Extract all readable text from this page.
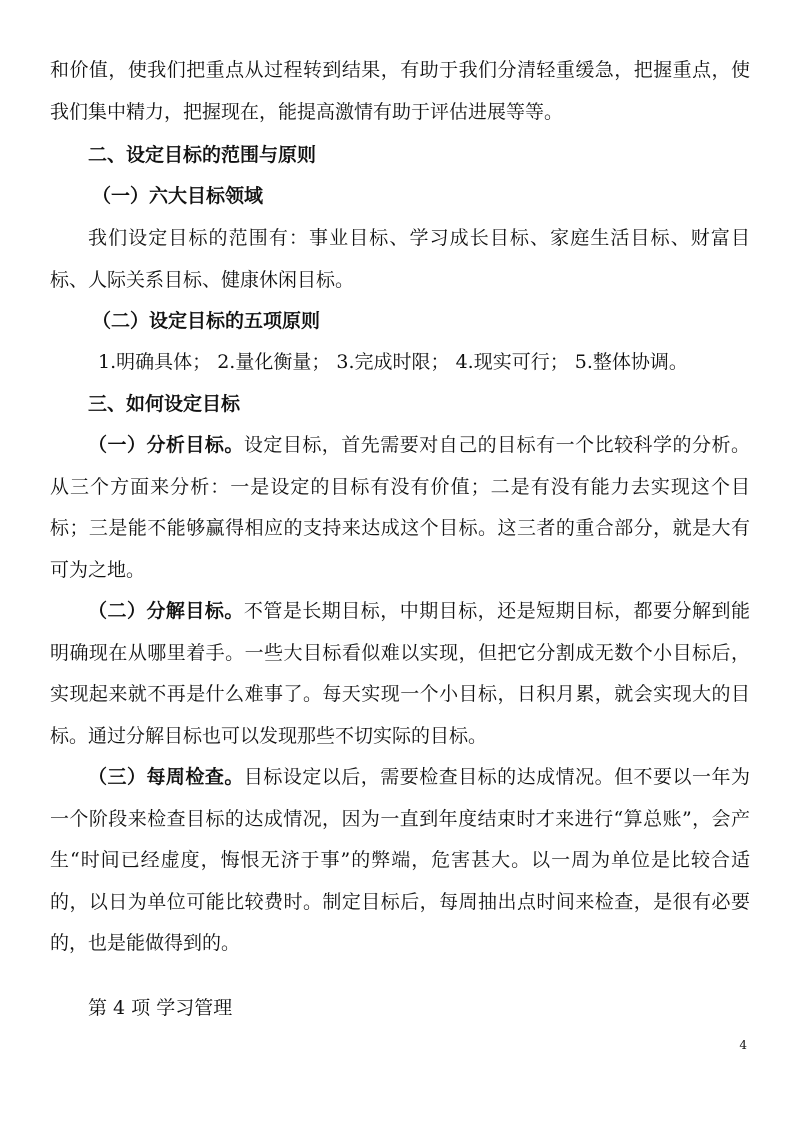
和价值，使我们把重点从过程转到结果，有助于我们分清轻重缓急，把握重点，使我们集中精力，把握现在，能提高激情有助于评估进展等等。

二、设定目标的范围与原则

（一）六大目标领域

我们设定目标的范围有：事业目标、学习成长目标、家庭生活目标、财富目标、人际关系目标、健康休闲目标。

（二）设定目标的五项原则

1.明确具体； 2.量化衡量； 3.完成时限； 4.现实可行； 5.整体协调。

三、如何设定目标

（一）分析目标。设定目标，首先需要对自己的目标有一个比较科学的分析。从三个方面来分析：一是设定的目标有没有价值；二是有没有能力去实现这个目标；三是能不能够赢得相应的支持来达成这个目标。这三者的重合部分，就是大有可为之地。

（二）分解目标。不管是长期目标，中期目标，还是短期目标，都要分解到能明确现在从哪里着手。一些大目标看似难以实现，但把它分割成无数个小目标后，实现起来就不再是什么难事了。每天实现一个小目标，日积月累，就会实现大的目标。通过分解目标也可以发现那些不切实际的目标。

（三）每周检查。目标设定以后，需要检查目标的达成情况。但不要以一年为一个阶段来检查目标的达成情况，因为一直到年度结束时才来进行“算总账”，会产生“时间已经虚度，悔恨无济于事”的弊端，危害甚大。以一周为单位是比较合适的，以日为单位可能比较费时。制定目标后，每周抽出点时间来检查，是很有必要的，也是能做得到的。

第 4 项 学习管理

4
